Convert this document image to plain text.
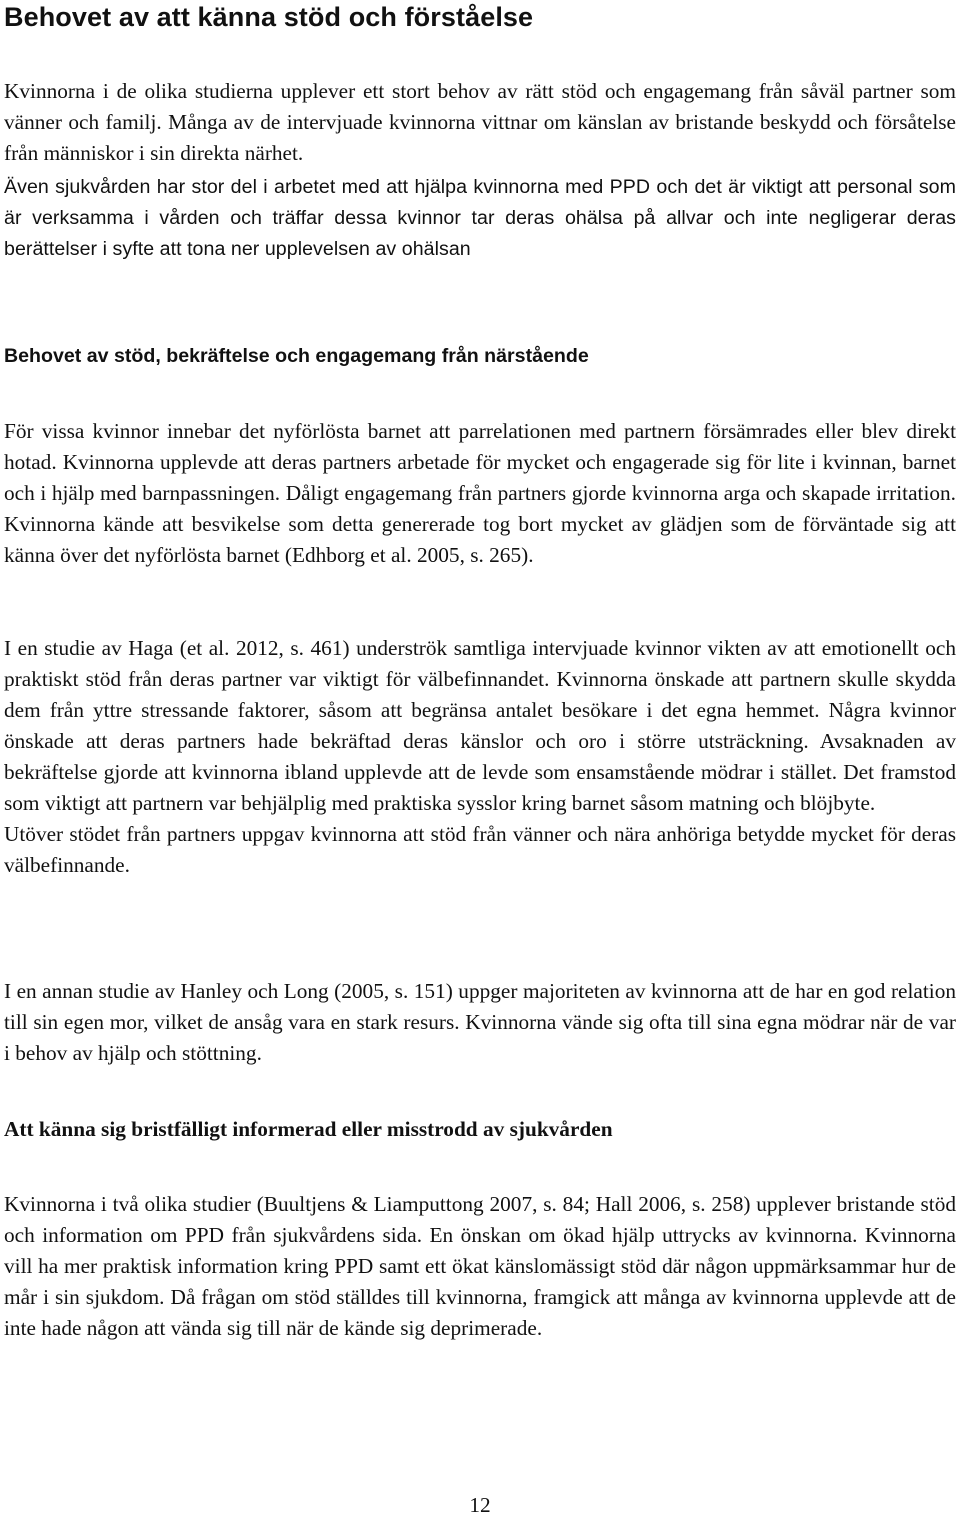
Behovet av att känna stöd och förståelse

Kvinnorna i de olika studierna upplever ett stort behov av rätt stöd och engagemang från såväl partner som vänner och familj. Många av de intervjuade kvinnorna vittnar om känslan av bristande beskydd och försåtelse från människor i sin direkta närhet.

Även sjukvården har stor del i arbetet med att hjälpa kvinnorna med PPD och det är viktigt att personal som är verksamma i vården och träffar dessa kvinnor tar deras ohälsa på allvar och inte negligerar deras berättelser i syfte att tona ner upplevelsen av ohälsan

Behovet av stöd, bekräftelse och engagemang från närstående

För vissa kvinnor innebar det nyförlösta barnet att parrelationen med partnern försämrades eller blev direkt hotad. Kvinnorna upplevde att deras partners arbetade för mycket och engagerade sig för lite i kvinnan, barnet och i hjälp med barnpassningen. Dåligt engagemang från partners gjorde kvinnorna arga och skapade irritation. Kvinnorna kände att besvikelse som detta genererade tog bort mycket av glädjen som de förväntade sig att känna över det nyförlösta barnet (Edhborg et al. 2005, s. 265).

I en studie av Haga (et al. 2012, s. 461) underströk samtliga intervjuade kvinnor vikten av att emotionellt och praktiskt stöd från deras partner var viktigt för välbefinnandet. Kvinnorna önskade att partnern skulle skydda dem från yttre stressande faktorer, såsom att begränsa antalet besökare i det egna hemmet. Några kvinnor önskade att deras partners hade bekräftad deras känslor och oro i större utsträckning. Avsaknaden av bekräftelse gjorde att kvinnorna ibland upplevde att de levde som ensamstående mödrar i stället. Det framstod som viktigt att partnern var behjälplig med praktiska sysslor kring barnet såsom matning och blöjbyte.

Utöver stödet från partners uppgav kvinnorna att stöd från vänner och nära anhöriga betydde mycket för deras välbefinnande.

I en annan studie av Hanley och Long (2005, s. 151) uppger majoriteten av kvinnorna att de har en god relation till sin egen mor, vilket de ansåg vara en stark resurs. Kvinnorna vände sig ofta till sina egna mödrar när de var i behov av hjälp och stöttning.

Att känna sig bristfälligt informerad eller misstrodd av sjukvården

Kvinnorna i två olika studier (Buultjens & Liamputtong 2007, s. 84; Hall 2006, s. 258) upplever bristande stöd och information om PPD från sjukvårdens sida. En önskan om ökad hjälp uttrycks av kvinnorna. Kvinnorna vill ha mer praktisk information kring PPD samt ett ökat känslomässigt stöd där någon uppmärksammar hur de mår i sin sjukdom. Då frågan om stöd ställdes till kvinnorna, framgick att många av kvinnorna upplevde att de inte hade någon att vända sig till när de kände sig deprimerade.

12
